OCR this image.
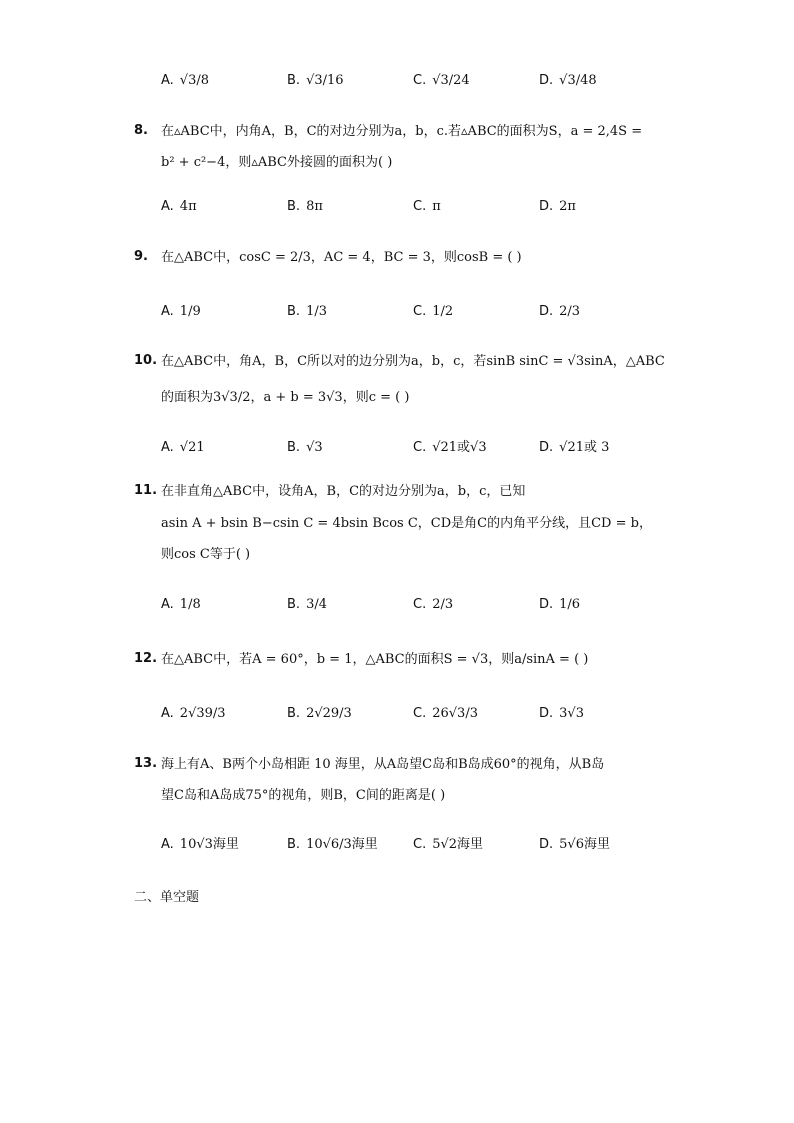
A. √3/8	B. √3/16	C. √3/24	D. √3/48
8. 在▵ABC中，内角A，B，C的对边分别为a，b，c.若▵ABC的面积为S，a = 2,4S =
b² + c²−4，则▵ABC外接圆的面积为( )
A. 4π	B. 8π	C. π	D. 2π
9. 在△ABC中，cosC = 2/3，AC = 4，BC = 3，则cosB = ( )
A. 1/9	B. 1/3	C. 1/2	D. 2/3
10. 在△ABC中，角A，B，C所以对的边分别为a，b，c，若sinB sinC = √3sinA，△ABC
的面积为3√3/2，a + b = 3√3，则c = ( )
A. √21	B. √3	C. √21或√3	D. √21或 3
11. 在非直角△ABC中，设角A，B，C的对边分别为a，b，c，已知
asin A + bsin B−csin C = 4bsin Bcos C，CD是角C的内角平分线，且CD = b，
则cos C等于( )
A. 1/8	B. 3/4	C. 2/3	D. 1/6
12. 在△ABC中，若A = 60°，b = 1，△ABC的面积S = √3，则a/sinA = ( )
A. 2√39/3	B. 2√29/3	C. 26√3/3	D. 3√3
13. 海上有A、B两个小岛相距 10 海里，从A岛望C岛和B岛成60°的视角，从B岛
望C岛和A岛成75°的视角，则B，C间的距离是( )
A. 10√3海里	B. 10√6/3海里	C. 5√2海里	D. 5√6海里
二、单空题
